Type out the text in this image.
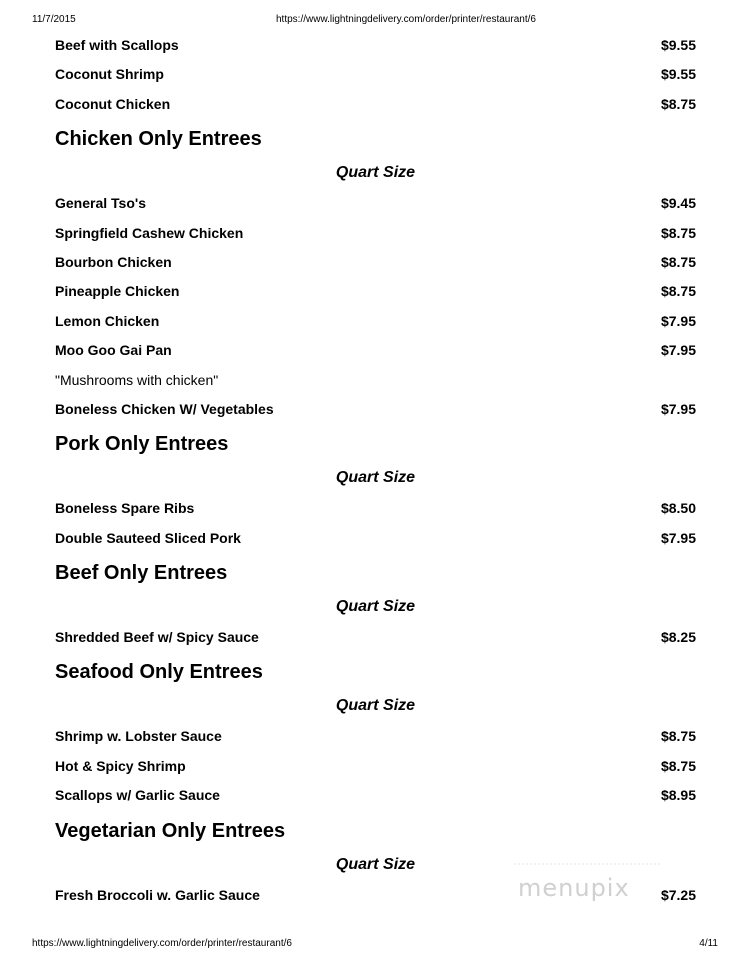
11/7/2015	https://www.lightningdelivery.com/order/printer/restaurant/6
Beef with Scallops	$9.55
Coconut Shrimp	$9.55
Coconut Chicken	$8.75
Chicken Only Entrees
Quart Size
General Tso's	$9.45
Springfield Cashew Chicken	$8.75
Bourbon Chicken	$8.75
Pineapple Chicken	$8.75
Lemon Chicken	$7.95
Moo Goo Gai Pan	$7.95
"Mushrooms with chicken"
Boneless Chicken W/ Vegetables	$7.95
Pork Only Entrees
Quart Size
Boneless Spare Ribs	$8.50
Double Sauteed Sliced Pork	$7.95
Beef Only Entrees
Quart Size
Shredded Beef w/ Spicy Sauce	$8.25
Seafood Only Entrees
Quart Size
Shrimp w. Lobster Sauce	$8.75
Hot & Spicy Shrimp	$8.75
Scallops w/ Garlic Sauce	$8.95
Vegetarian Only Entrees
Quart Size
Fresh Broccoli w. Garlic Sauce	$7.25
menupix
https://www.lightningdelivery.com/order/printer/restaurant/6	4/11
